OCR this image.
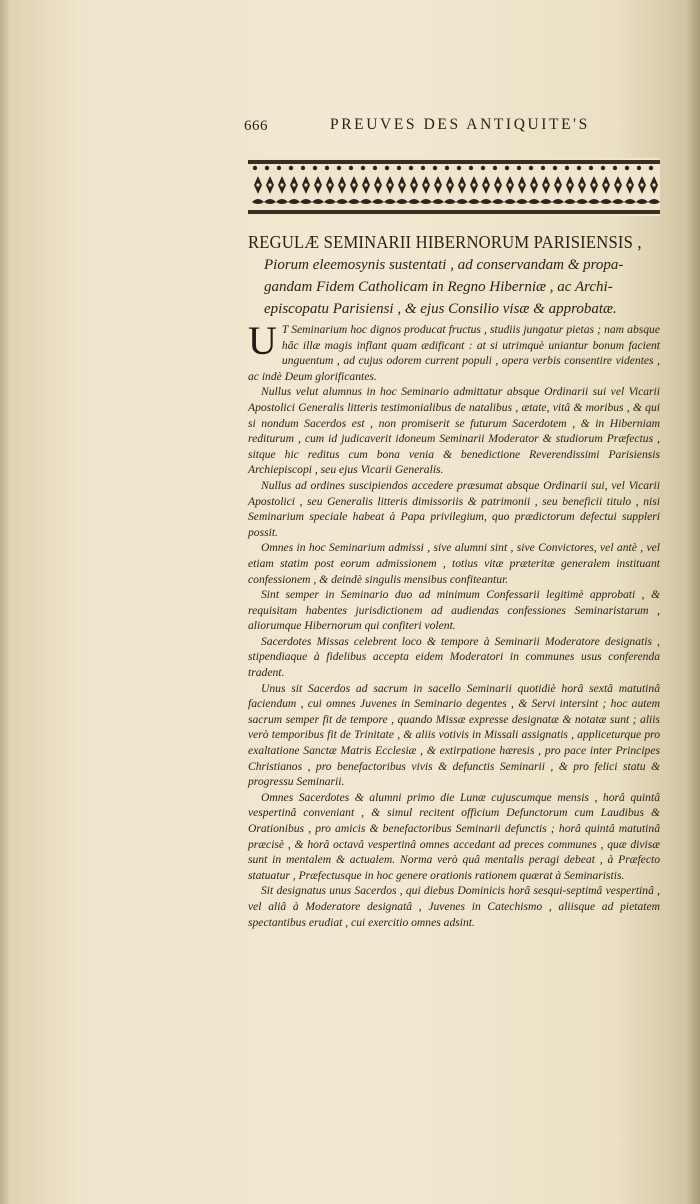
666	PREUVES DES ANTIQUITE'S
REGULÆ SEMINARII HIBERNORUM PARISIENSIS ,
Piorum eleemosynis sustentati , ad conservandam & propa-
gandam Fidem Catholicam in Regno Hiberniæ , ac Archi-
episcopatu Parisiensi , & ejus Consilio visæ & approbatæ.

U T Seminarium hoc dignos producat fructus , studiis jungatur pietas ; nam absque hâc illæ magis inflant quam ædificant : at si utrimquè uniantur bonum facient unguentum , ad cujus odorem current populi , opera verbis consentire videntes , ac indè Deum glorificantes.

Nullus velut alumnus in hoc Seminario admittatur absque Ordinarii sui vel Vicarii Apostolici Generalis litteris testimonialibus de natalibus , ætate, vitâ & moribus , & qui si nondum Sacerdos est , non promiserit se futurum Sacerdotem , & in Hiberniam rediturum , cum id judicaverit idoneum Seminarii Moderator & studiorum Præfectus , sitque hic reditus cum bona venia & benedictione Reverendissimi Parisiensis Archiepiscopi , seu ejus Vicarii Generalis.

Nullus ad ordines suscipiendos accedere præsumat absque Ordinarii sui, vel Vicarii Apostolici , seu Generalis litteris dimissoriis & patrimonii , seu beneficii titulo , nisi Seminarium speciale habeat à Papa privilegium, quo prædictorum defectui suppleri possit.

Omnes in hoc Seminarium admissi , sive alumni sint , sive Convictores, vel antè , vel etiam statim post eorum admissionem , totius vitæ præteritæ generalem instituant confessionem , & deindè singulis mensibus confiteantur.

Sint semper in Seminario duo ad minimum Confessarii legitimè approbati , & requisitam habentes jurisdictionem ad audiendas confessiones Seminaristarum , aliorumque Hibernorum qui confiteri volent.

Sacerdotes Missas celebrent loco & tempore à Seminarii Moderatore designatis , stipendiaque à fidelibus accepta eidem Moderatori in communes usus conferenda tradent.

Unus sit Sacerdos ad sacrum in sacello Seminarii quotidiè horâ sextâ matutinâ faciendum , cui omnes Juvenes in Seminario degentes , & Servi intersint ; hoc autem sacrum semper fit de tempore , quando Missæ expresse designatæ & notatæ sunt ; aliis verò temporibus fit de Trinitate , & aliis votivis in Missali assignatis , appliceturque pro exaltatione Sanctæ Matris Ecclesiæ , & extirpatione hæresis , pro pace inter Principes Christianos , pro benefactoribus vivis & defunctis Seminarii , & pro felici statu & progressu Seminarii.

Omnes Sacerdotes & alumni primo die Lunæ cujuscumque mensis , horâ quintâ vespertinâ conveniant , & simul recitent officium Defunctorum cum Laudibus & Orationibus , pro amicis & benefactoribus Seminarii defunctis ; horâ quintâ matutinâ præcisè , & horâ octavâ vespertinâ omnes accedant ad preces communes , quæ divisæ sunt in mentalem & actualem. Norma verò quâ mentalis peragi debeat , à Præfecto statuatur , Præfectusque in hoc genere orationis rationem quærat à Seminaristis.

Sit designatus unus Sacerdos , qui diebus Dominicis horâ sesqui-septimâ vespertinâ , vel aliâ à Moderatore designatâ , Juvenes in Catechismo , aliisque ad pietatem spectantibus erudiat , cui exercitio omnes adsint.
